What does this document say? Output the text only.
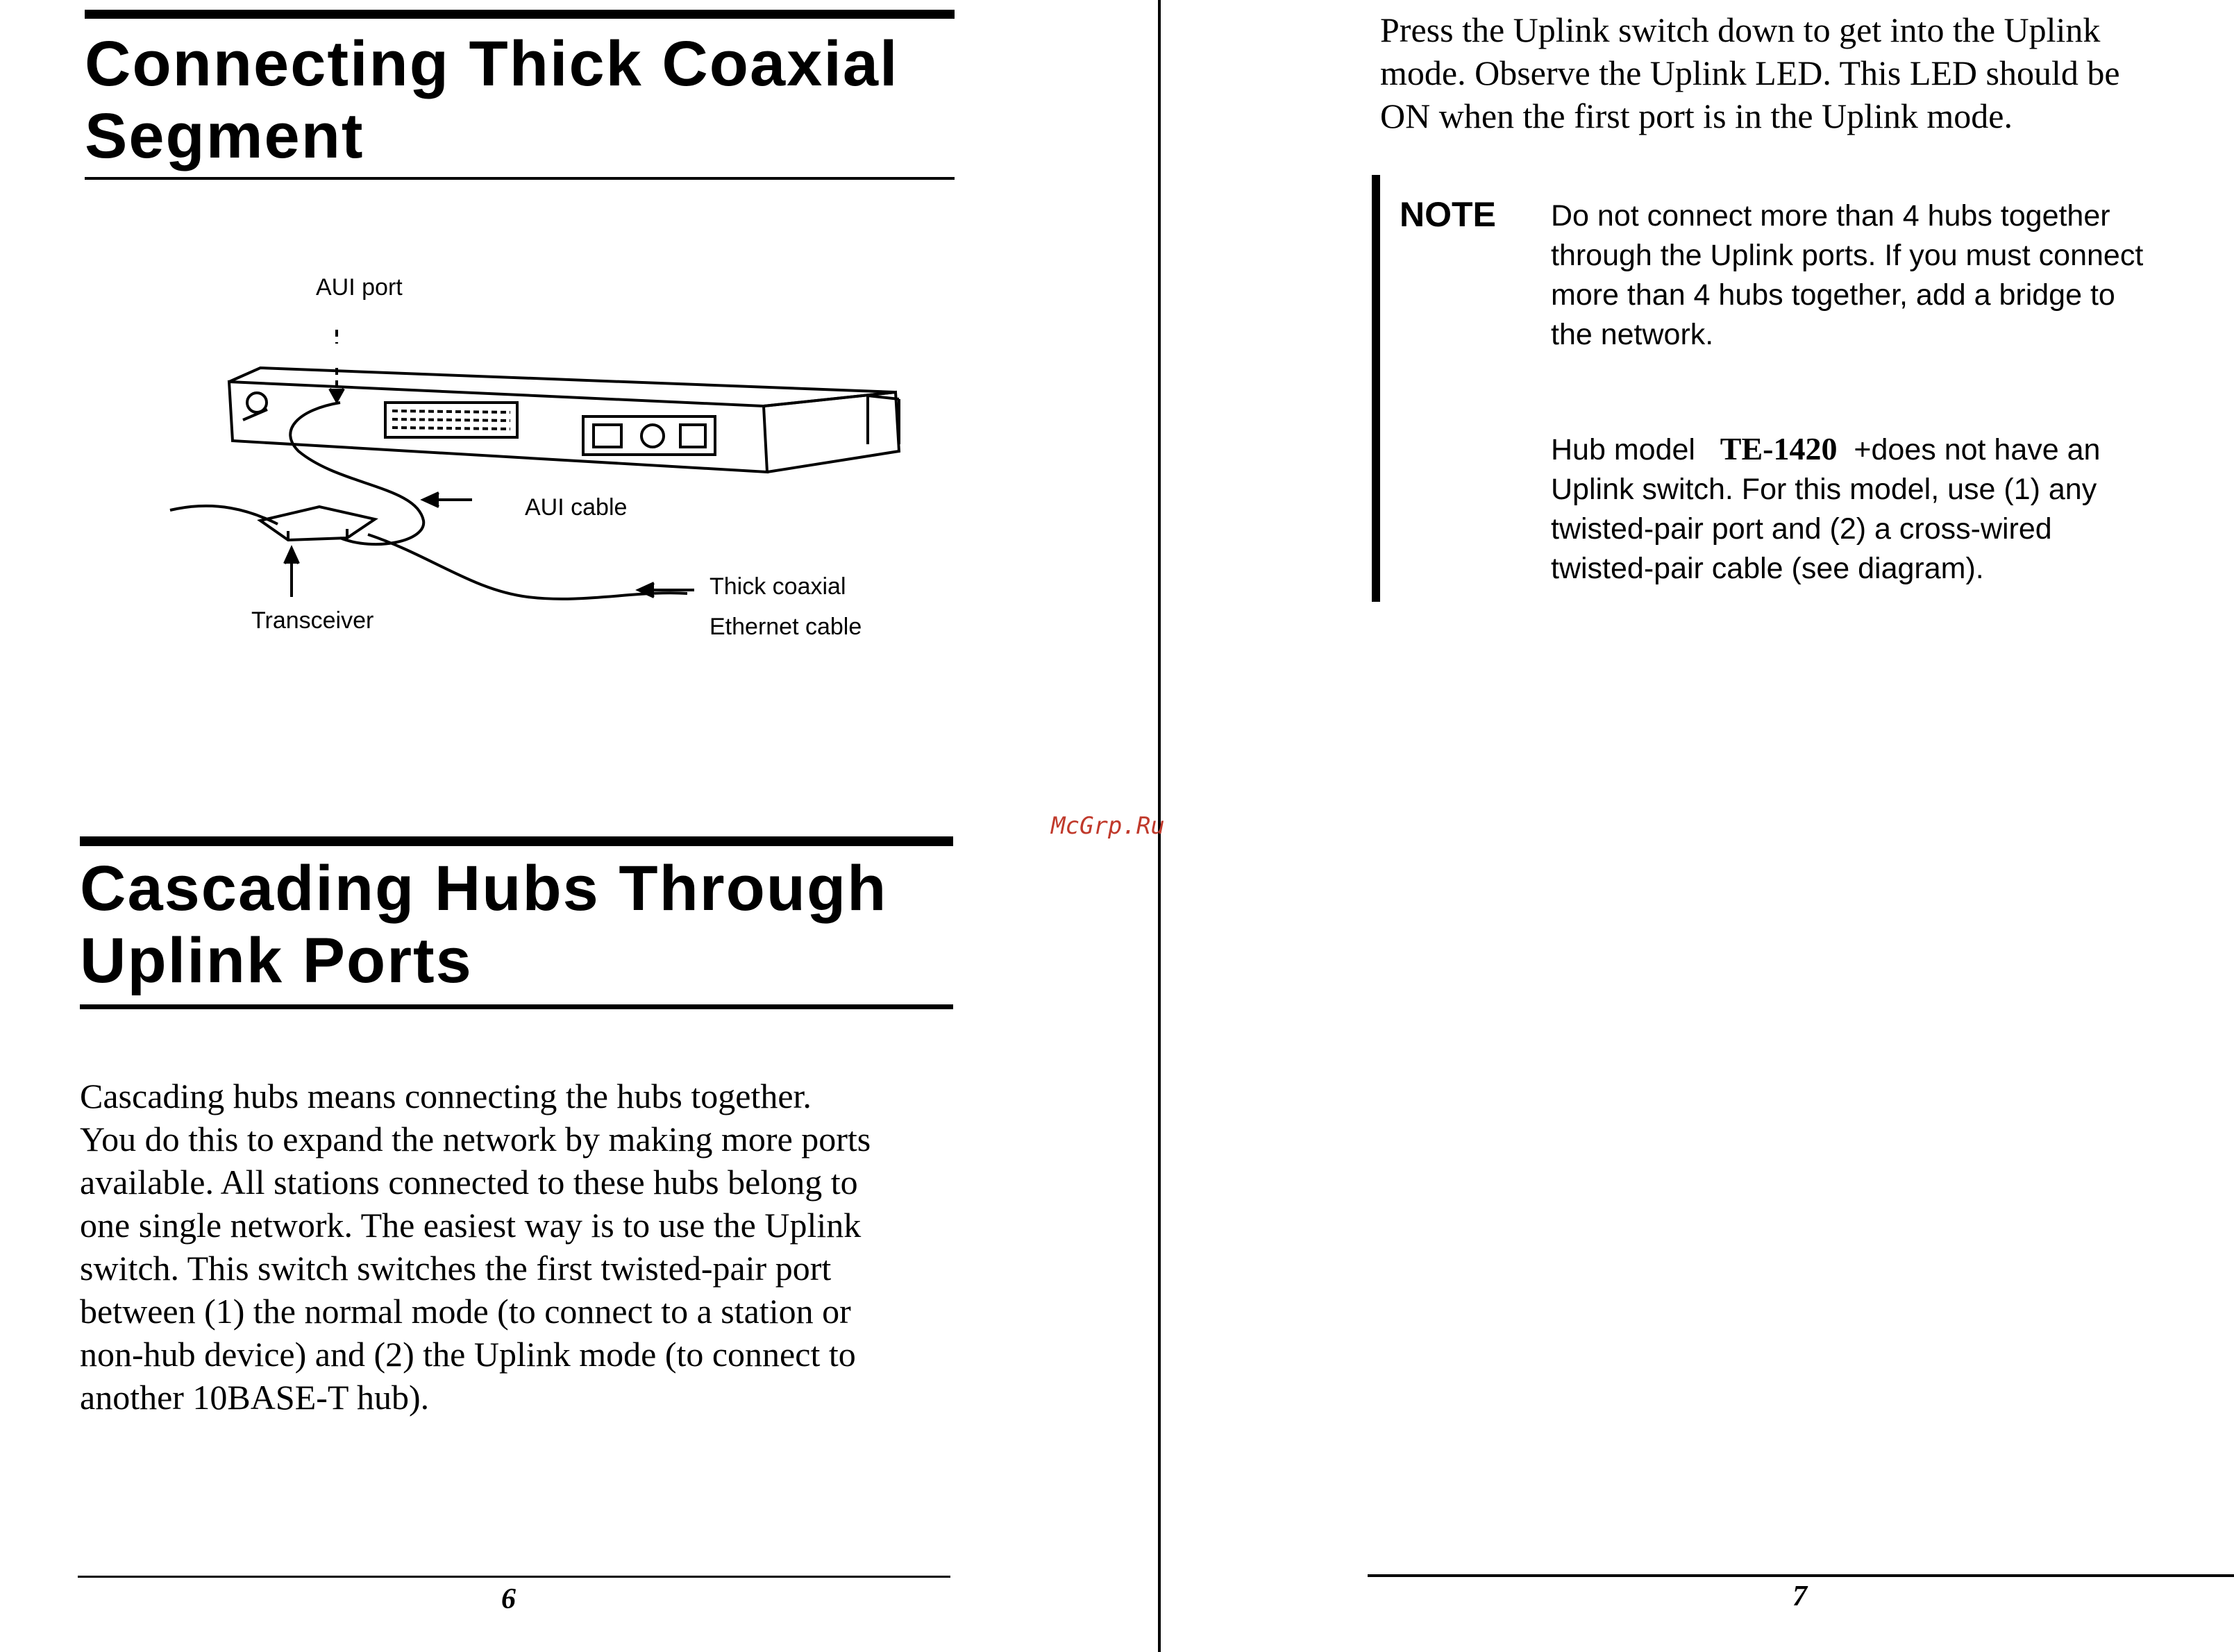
Connecting Thick Coaxial
Segment
AUI port
AUI cable
Transceiver
Thick coaxial
Ethernet cable
Cascading Hubs Through
Uplink Ports
Cascading hubs means connecting the hubs together.
You do this to expand the network by making more ports
available. All stations connected to these hubs belong to
one single network. The easiest way is to use the Uplink
switch. This switch switches the first twisted-pair port
between (1) the normal mode (to connect to a station or
non-hub device) and (2) the Uplink mode (to connect to
another 10BASE-T hub).
6
McGrp.Ru
Press the Uplink switch down to get into the Uplink
mode. Observe the Uplink LED. This LED should be
ON when the first port is in the Uplink mode.
NOTE Do not connect more than 4 hubs together
through the Uplink ports. If you must connect
more than 4 hubs together, add a bridge to
the network.
Hub model TE-1420 +does not have an
Uplink switch. For this model, use (1) any
twisted-pair port and (2) a cross-wired
twisted-pair cable (see diagram).
7
